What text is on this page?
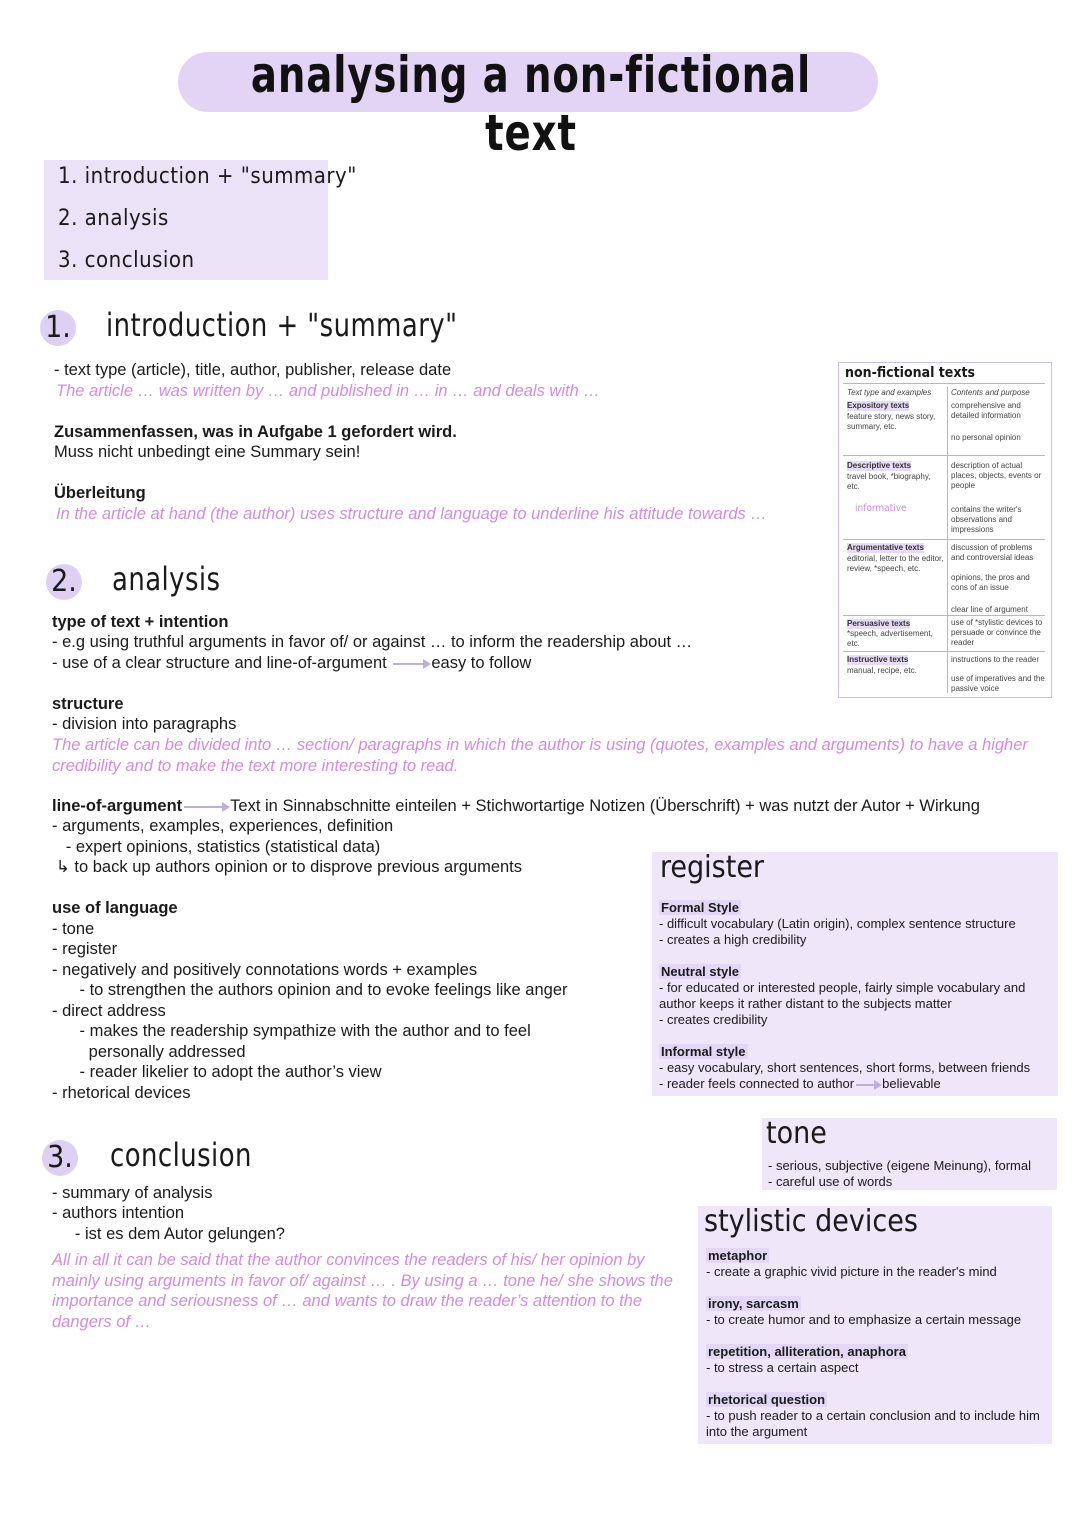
analysing a non-fictional text
1. introduction + "summary"
2. analysis
3. conclusion
1. introduction + "summary"
- text type (article), title, author, publisher, release date
The article … was written by … and published in … in … and deals with …
Zusammenfassen, was in Aufgabe 1 gefordert wird.
Muss nicht unbedingt eine Summary sein!
Überleitung
In the article at hand (the author) uses structure and language to underline his attitude towards …
2. analysis
type of text + intention
- e.g using truthful arguments in favor of/ or against … to inform the readership about …
- use of a clear structure and line-of-argument	easy to follow
structure
- division into paragraphs
The article can be divided into … section/ paragraphs in which the author is using (quotes, examples and arguments) to have a higher credibility and to make the text more interesting to read.
line-of-argument	Text in Sinnabschnitte einteilen + Stichwortartige Notizen (Überschrift) + was nutzt der Autor + Wirkung
- arguments, examples, experiences, definition
- expert opinions, statistics (statistical data)
↳ to back up authors opinion or to disprove previous arguments
use of language
- tone
- register
- negatively and positively connotations words + examples
- to strengthen the authors opinion and to evoke feelings like anger
- direct address
- makes the readership sympathize with the author and to feel
personally addressed
- reader likelier to adopt the author’s view
- rhetorical devices
3. conclusion
- summary of analysis
- authors intention
- ist es dem Autor gelungen?
All in all it can be said that the author convinces the readers of his/ her opinion by mainly using arguments in favor of/ against … . By using a … tone he/ she shows the importance and seriousness of … and wants to draw the reader’s attention to the dangers of …
non-fictional texts
Text type and examples Contents and purpose
Expository texts
feature story, news story, summary, etc.
comprehensive and detailed information
no personal opinion
Descriptive texts
travel book, *biography, etc.
informative
description of actual places, objects, events or people
contains the writer's observations and impressions
Argumentative texts
editorial, letter to the editor, review, *speech, etc.
discussion of problems and controversial ideas
opinions, the pros and cons of an issue
clear line of argument
Persuasive texts
*speech, advertisement, etc.
use of *stylistic devices to persuade or convince the reader
Instructive texts
manual, recipe, etc.
instructions to the reader
use of imperatives and the passive voice
register
Formal Style
- difficult vocabulary (Latin origin), complex sentence structure
- creates a high credibility
Neutral style
- for educated or interested people, fairly simple vocabulary and author keeps it rather distant to the subjects matter
- creates credibility
Informal style
- easy vocabulary, short sentences, short forms, between friends
- reader feels connected to author believable
tone
- serious, subjective (eigene Meinung), formal
- careful use of words
stylistic devices
metaphor
- create a graphic vivid picture in the reader's mind
irony, sarcasm
- to create humor and to emphasize a certain message
repetition, alliteration, anaphora
- to stress a certain aspect
rhetorical question
- to push reader to a certain conclusion and to include him into the argument
